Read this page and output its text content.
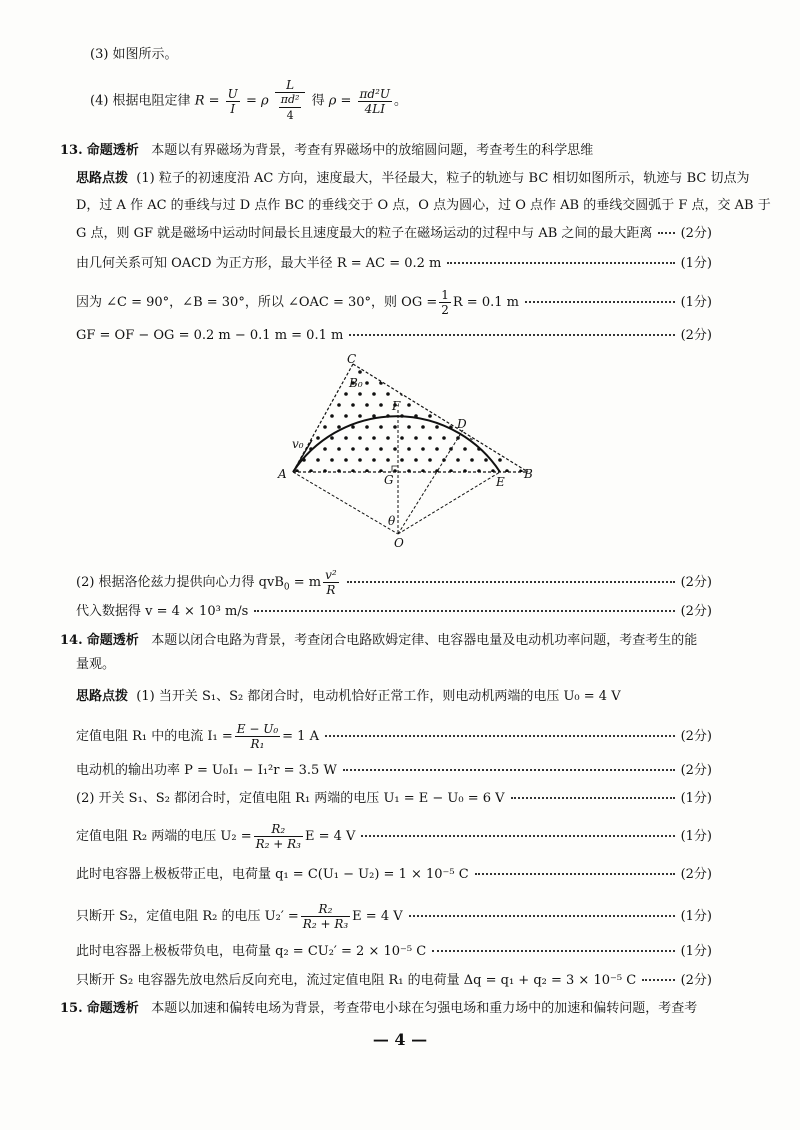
(3) 如图所示。
(4) 根据电阻定律 $R = \frac{U}{I} = \rho \frac{L}{\frac{\text{πd²}}{4}}$ 得 $\rho = \frac{\text{πd²U}}{4LI}$ 。
13. 命题透析 本题以有界磁场为背景，考查有界磁场中的放缩圆问题，考查考生的科学思维
思路点拨 (1) 粒子的初速度沿 AC 方向，速度最大，半径最大，粒子的轨迹与 BC 相切如图所示，轨迹与 BC 切点为
D，过 A 作 AC 的垂线与过 D 点作 BC 的垂线交于 O 点，O 点为圆心，过 O 点作 AB 的垂线交圆弧于 F 点，交 AB 于
G 点，则 GF 就是磁场中运动时间最长且速度最大的粒子在磁场运动的过程中与 AB 之间的最大距离 (2分)
由几何关系可知 OACD 为正方形，最大半径 R = AC = 0.2 m	(1分)
因为 ∠C = 90°，∠B = 30°，所以 ∠OAC = 30°，则 OG = $\frac{1}{2}$ R = 0.1 m	(1分)
GF = OF − OG = 0.2 m − 0.1 m = 0.1 m	(2分)
C
B₀
F
D
v₀
A	G	E
B
θ
O
(2) 根据洛伦兹力提供向心力得 qvB$_0$ = m $\frac{\text{v²}}{R}$	(2分)
代入数据得 v = 4 × 10³ m/s	(2分)
14. 命题透析 本题以闭合电路为背景，考查闭合电路欧姆定律、电容器电量及电动机功率问题，考查考生的能
量观。
思路点拨 (1) 当开关 S₁、S₂ 都闭合时，电动机恰好正常工作，则电动机两端的电压 U₀ = 4 V
定值电阻 R₁ 中的电流 $I_1 = \frac{\text{E − U₀}}{\text{R₁}} = 1$ A	(2分)
电动机的输出功率 P = U₀I₁ − I₁²r = 3.5 W	(2分)
(2) 开关 S₁、S₂ 都闭合时，定值电阻 R₁ 两端的电压 U₁ = E − U₀ = 6 V	(1分)
定值电阻 R₂ 两端的电压 $U_2 = \frac{\text{R₂}}{\text{R₂ + R₃}}$ E = 4 V	(1分)
此时电容器上极板带正电，电荷量 q₁ = C(U₁ − U₂) = 1 × 10⁻⁵ C	(2分)
只断开 S₂，定值电阻 R₂ 的电压 $U_2' = \frac{\text{R₂}}{\text{R₂ + R₃}}$ E = 4 V	(1分)
此时电容器上极板带负电，电荷量 q₂ = CU₂′ = 2 × 10⁻⁵ C	(1分)
只断开 S₂ 电容器先放电然后反向充电，流过定值电阻 R₁ 的电荷量 Δq = q₁ + q₂ = 3 × 10⁻⁵ C	(2分)
15. 命题透析 本题以加速和偏转电场为背景，考查带电小球在匀强电场和重力场中的加速和偏转问题，考查考
— 4 —
